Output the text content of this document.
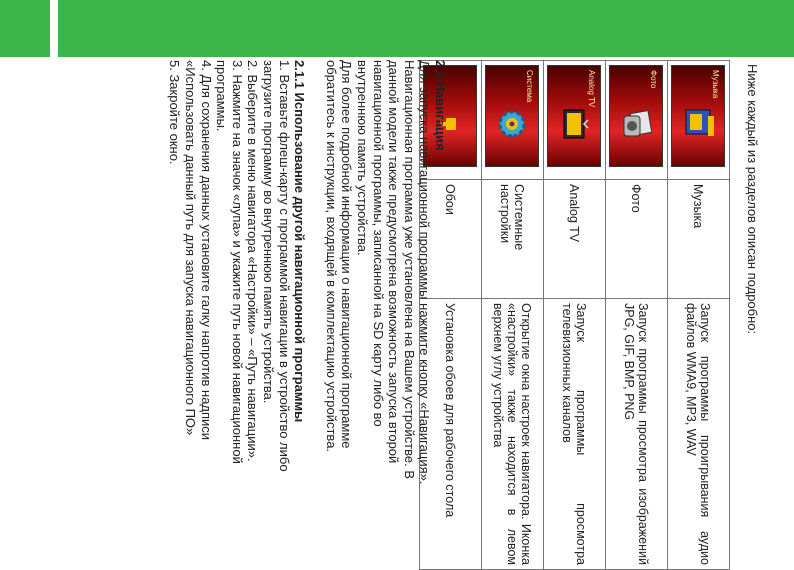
Ниже каждый из разделов описан подробно:
Музыка	Музыка	Запуск программы проигрывания аудио файлов WMA9, MP3, WAV

Фото	Фото	Запуск программы просмотра изображений JPG, GIF, BMP, PNG

Analog TV	Analog TV	Запуск программы просмотра телевизионных каналов

Система	Системные настройки	Открытие окна настроек навигатора. Иконка «настройки» также находится в левом верхнем углу устройства

	Обои	Установка обоев для рабочего стола

2.1 Навигация

Для запуска навигационной программы нажмите кнопку «Навигация».

Навигационная программа уже установлена на Вашем устройстве. В

данной модели также предусмотрена возможность запуска второй

навигационной программы, записанной на SD карту либо во

внутреннюю память устройства.

Для более подробной информации о навигационной программе

обратитесь к инструкции, входящей в комплектацию устройства.

2.1.1 Использование другой навигационной программы

1. Вставьте флеш-карту с программой навигации в устройство либо

загрузите программу во внутреннюю память устройства.

2. Выберите в меню навигатора «Настройки» – «Путь навигации».

3. Нажмите на значок «лупа» и укажите путь новой навигационной

программы.

4. Для сохранения данных установите галку напротив надписи

«Использовать данный путь для запуска навигационного ПО»

5. Закройте окно.
